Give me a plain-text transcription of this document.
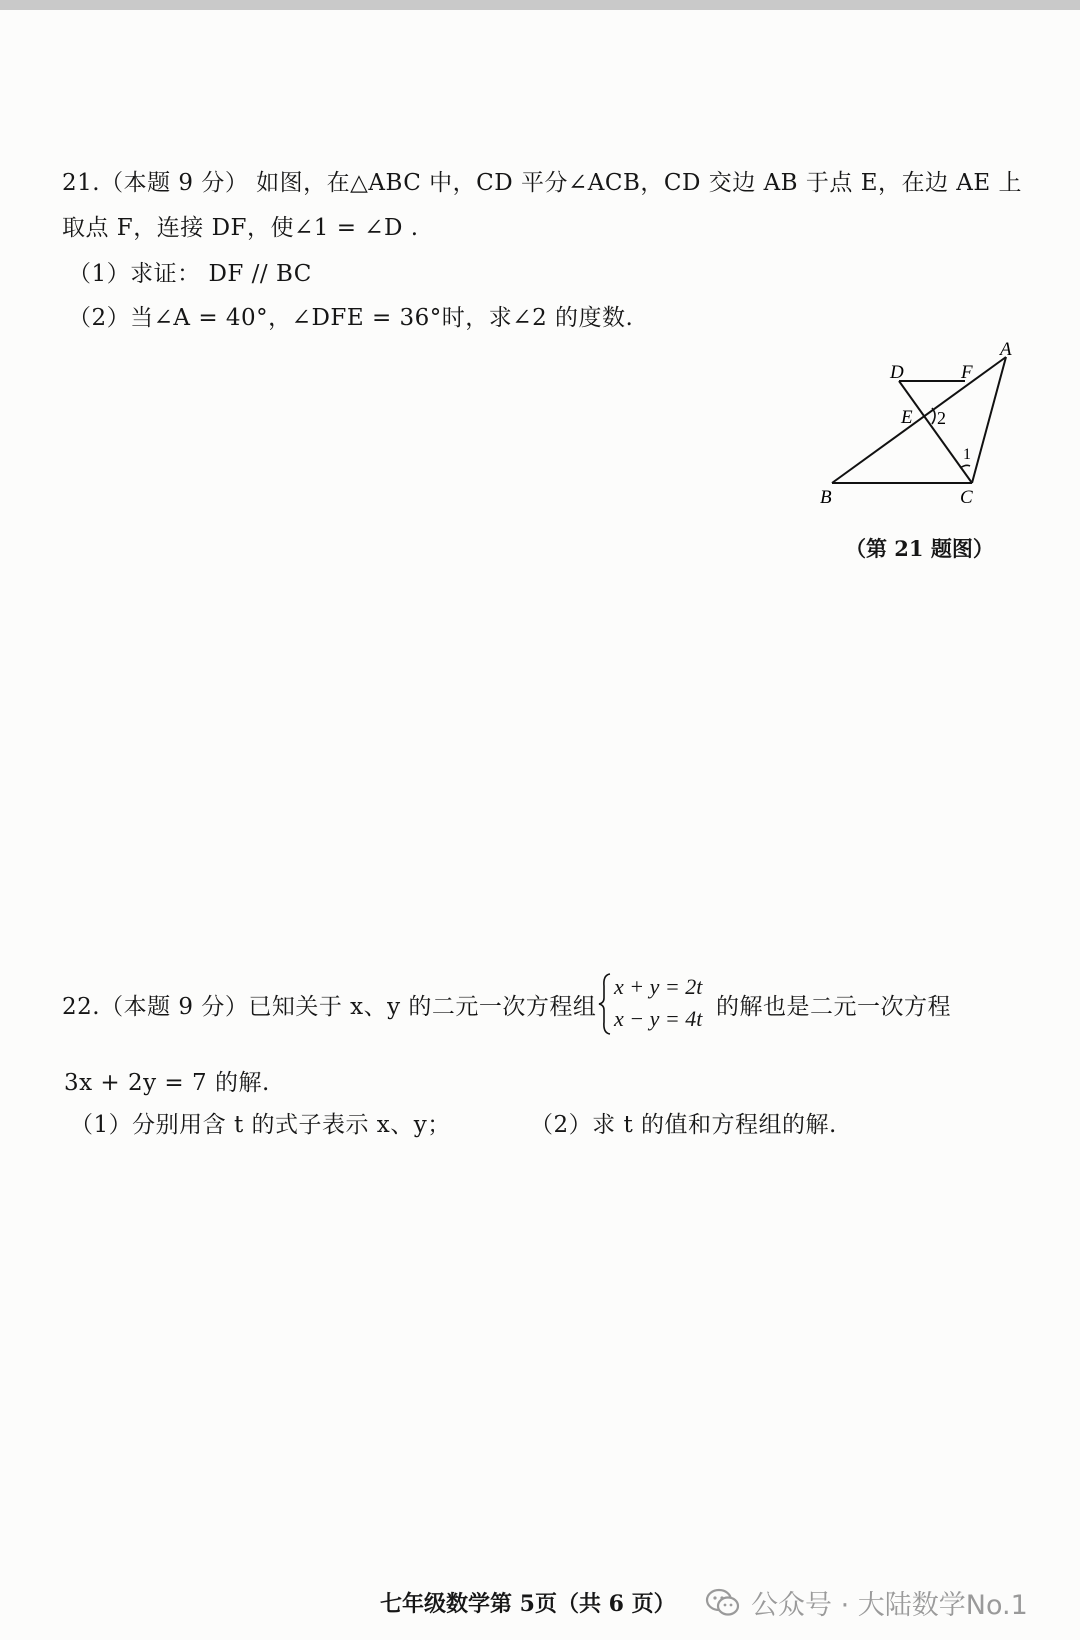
21.（本题 9 分） 如图，在△ABC 中，CD 平分∠ACB，CD 交边 AB 于点 E，在边 AE 上
取点 F，连接 DF，使∠1 = ∠D .
（1）求证： DF // BC
（2）当∠A = 40°，∠DFE = 36°时，求∠2 的度数.
A
D	F
E 2
1
B	C
（第 21 题图）
22.（本题 9 分）已知关于 x、y 的二元一次方程组
x + y = 2t
x − y = 4t 的解也是二元一次方程
3x + 2y = 7 的解.
（1）分别用含 t 的式子表示 x、y；	（2）求 t 的值和方程组的解.
七年级数学第 5页（共 6 页）	公众号 · 大陆数学No.1
